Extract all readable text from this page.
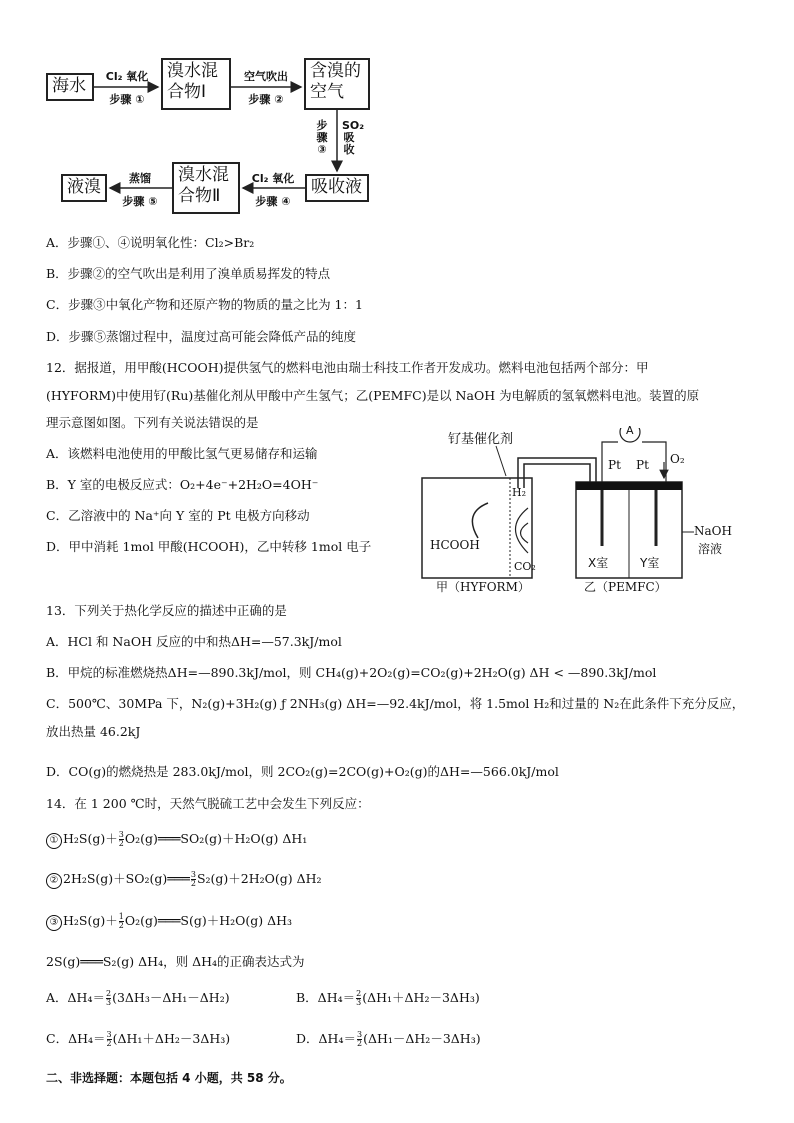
海水
溴水混
合物Ⅰ
含溴的
空气
吸收液
溴水混
合物Ⅱ
液溴
Cl₂ 氧化
步骤 ①
空气吹出
步骤 ②
步骤③
SO₂吸收
Cl₂ 氧化
步骤 ④
蒸馏
步骤 ⑤
A．步骤①、④说明氧化性：Cl₂>Br₂
B．步骤②的空气吹出是利用了溴单质易挥发的特点
C．步骤③中氧化产物和还原产物的物质的量之比为 1：1
D．步骤⑤蒸馏过程中，温度过高可能会降低产品的纯度
12．据报道，用甲酸(HCOOH)提供氢气的燃料电池由瑞士科技工作者开发成功。燃料电池包括两个部分：甲
(HYFORM)中使用钌(Ru)基催化剂从甲酸中产生氢气；乙(PEMFC)是以 NaOH 为电解质的氢氧燃料电池。装置的原
理示意图如图。下列有关说法错误的是
A．该燃料电池使用的甲酸比氢气更易储存和运输
B．Y 室的电极反应式：O₂+4e⁻+2H₂O=4OH⁻
C．乙溶液中的 Na⁺向 Y 室的 Pt 电极方向移动
D．甲中消耗 1mol 甲酸(HCOOH)，乙中转移 1mol 电子
钌基催化剂
A
Pt Pt O₂
H₂
HCOOH
CO₂	X室	Y室
NaOH
溶液
甲（HYFORM）	乙（PEMFC）
13．下列关于热化学反应的描述中正确的是
A．HCl 和 NaOH 反应的中和热ΔH=—57.3kJ/mol
B．甲烷的标准燃烧热ΔH=—890.3kJ/mol，则 CH₄(g)+2O₂(g)=CO₂(g)+2H₂O(g) ΔH < —890.3kJ/mol
C．500℃、30MPa 下，N₂(g)+3H₂(g) ƒ 2NH₃(g) ΔH=—92.4kJ/mol，将 1.5mol H₂和过量的 N₂在此条件下充分反应，
放出热量 46.2kJ
D．CO(g)的燃烧热是 283.0kJ/mol，则 2CO₂(g)=2CO(g)+O₂(g)的ΔH=—566.0kJ/mol
14．在 1 200 ℃时，天然气脱硫工艺中会发生下列反应：
① $H_2S(g)+ \frac{3}{2}$ O₂(g)═══SO₂(g)＋H₂O(g) ΔH₁
② 2H₂S(g)＋SO₂(g)═══ $\frac{3}{2} S_2(g)+2H_2O(g)$ ΔH₂
③ $H_2S(g)+ \frac{1}{2}$ O₂(g)═══S(g)＋H₂O(g) ΔH₃
2S(g)═══S₂(g) ΔH₄，则 ΔH₄的正确表达式为
A．$\Delta H_4= \frac{2}{3} (3\Delta H_3-\Delta H_1-\Delta H_2)$	B．$\Delta H_4= \frac{2}{3} (\Delta H_1+\Delta H_2-3\Delta H_3)$
C．$\Delta H_4= \frac{3}{2} (\Delta H_1+\Delta H_2-3\Delta H_3)$	D．$\Delta H_4= \frac{3}{2} (\Delta H_1-\Delta H_2-3\Delta H_3)$
二、非选择题：本题包括 4 小题，共 58 分。
